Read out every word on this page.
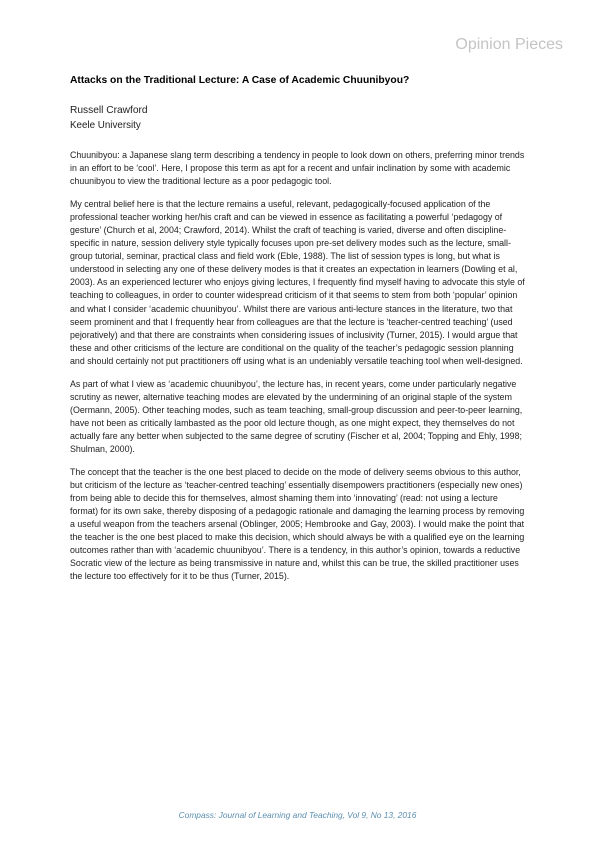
Opinion Pieces
Attacks on the Traditional Lecture: A Case of Academic Chuunibyou?

Russell Crawford

Keele University

Chuunibyou: a Japanese slang term describing a tendency in people to look down on others, preferring minor trends in an effort to be ‘cool’. Here, I propose this term as apt for a recent and unfair inclination by some with academic chuunibyou to view the traditional lecture as a poor pedagogic tool.

My central belief here is that the lecture remains a useful, relevant, pedagogically-focused application of the professional teacher working her/his craft and can be viewed in essence as facilitating a powerful ‘pedagogy of gesture’ (Church et al, 2004; Crawford, 2014). Whilst the craft of teaching is varied, diverse and often discipline-specific in nature, session delivery style typically focuses upon pre-set delivery modes such as the lecture, small-group tutorial, seminar, practical class and field work (Eble, 1988). The list of session types is long, but what is understood in selecting any one of these delivery modes is that it creates an expectation in learners (Dowling et al, 2003). As an experienced lecturer who enjoys giving lectures, I frequently find myself having to advocate this style of teaching to colleagues, in order to counter widespread criticism of it that seems to stem from both ‘popular’ opinion and what I consider ‘academic chuunibyou’. Whilst there are various anti-lecture stances in the literature, two that seem prominent and that I frequently hear from colleagues are that the lecture is ‘teacher-centred teaching’ (used pejoratively) and that there are constraints when considering issues of inclusivity (Turner, 2015). I would argue that these and other criticisms of the lecture are conditional on the quality of the teacher’s pedagogic session planning and should certainly not put practitioners off using what is an undeniably versatile teaching tool when well-designed.

As part of what I view as ‘academic chuunibyou’, the lecture has, in recent years, come under particularly negative scrutiny as newer, alternative teaching modes are elevated by the undermining of an original staple of the system (Oermann, 2005). Other teaching modes, such as team teaching, small-group discussion and peer-to-peer learning, have not been as critically lambasted as the poor old lecture though, as one might expect, they themselves do not actually fare any better when subjected to the same degree of scrutiny (Fischer et al, 2004; Topping and Ehly, 1998; Shulman, 2000).

The concept that the teacher is the one best placed to decide on the mode of delivery seems obvious to this author, but criticism of the lecture as ‘teacher-centred teaching’ essentially disempowers practitioners (especially new ones) from being able to decide this for themselves, almost shaming them into ‘innovating’ (read: not using a lecture format) for its own sake, thereby disposing of a pedagogic rationale and damaging the learning process by removing a useful weapon from the teachers arsenal (Oblinger, 2005; Hembrooke and Gay, 2003). I would make the point that the teacher is the one best placed to make this decision, which should always be with a qualified eye on the learning outcomes rather than with ‘academic chuunibyou’. There is a tendency, in this author’s opinion, towards a reductive Socratic view of the lecture as being transmissive in nature and, whilst this can be true, the skilled practitioner uses the lecture too effectively for it to be thus (Turner, 2015).

Compass: Journal of Learning and Teaching, Vol 9, No 13, 2016
